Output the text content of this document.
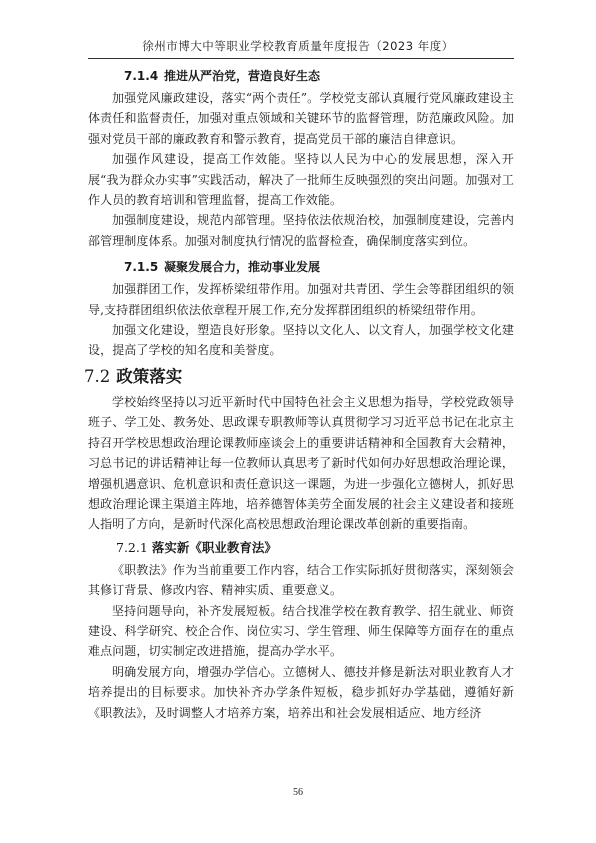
徐州市博大中等职业学校教育质量年度报告（2023 年度）
7.1.4 推进从严治党，营造良好生态

加强党风廉政建设，落实“两个责任”。学校党支部认真履行党风廉政建设主体责任和监督责任，加强对重点领域和关键环节的监督管理，防范廉政风险。加强对党员干部的廉政教育和警示教育，提高党员干部的廉洁自律意识。

加强作风建设，提高工作效能。坚持以人民为中心的发展思想，深入开展“我为群众办实事”实践活动，解决了一批师生反映强烈的突出问题。加强对工作人员的教育培训和管理监督，提高工作效能。

加强制度建设，规范内部管理。坚持依法依规治校，加强制度建设，完善内部管理制度体系。加强对制度执行情况的监督检查，确保制度落实到位。

7.1.5 凝聚发展合力，推动事业发展

加强群团工作，发挥桥梁纽带作用。加强对共青团、学生会等群团组织的领导,支持群团组织依法依章程开展工作,充分发挥群团组织的桥梁纽带作用。

加强文化建设，塑造良好形象。坚持以文化人、以文育人，加强学校文化建设，提高了学校的知名度和美誉度。

7.2 政策落实

学校始终坚持以习近平新时代中国特色社会主义思想为指导，学校党政领导班子、学工处、教务处、思政课专职教师等认真贯彻学习习近平总书记在北京主持召开学校思想政治理论课教师座谈会上的重要讲话精神和全国教育大会精神，习总书记的讲话精神让每一位教师认真思考了新时代如何办好思想政治理论课，增强机遇意识、危机意识和责任意识这一课题，为进一步强化立德树人，抓好思想政治理论课主渠道主阵地，培养德智体美劳全面发展的社会主义建设者和接班人指明了方向，是新时代深化高校思想政治理论课改革创新的重要指南。

7.2.1 落实新《职业教育法》

《职教法》作为当前重要工作内容，结合工作实际抓好贯彻落实，深刻领会其修订背景、修改内容、精神实质、重要意义。

坚持问题导向，补齐发展短板。结合找准学校在教育教学、招生就业、师资建设、科学研究、校企合作、岗位实习、学生管理、师生保障等方面存在的重点难点问题，切实制定改进措施，提高办学水平。

明确发展方向，增强办学信心。立德树人、德技并修是新法对职业教育人才培养提出的目标要求。加快补齐办学条件短板，稳步抓好办学基础，遵循好新《职教法》，及时调整人才培养方案，培养出和社会发展相适应、地方经济

56
